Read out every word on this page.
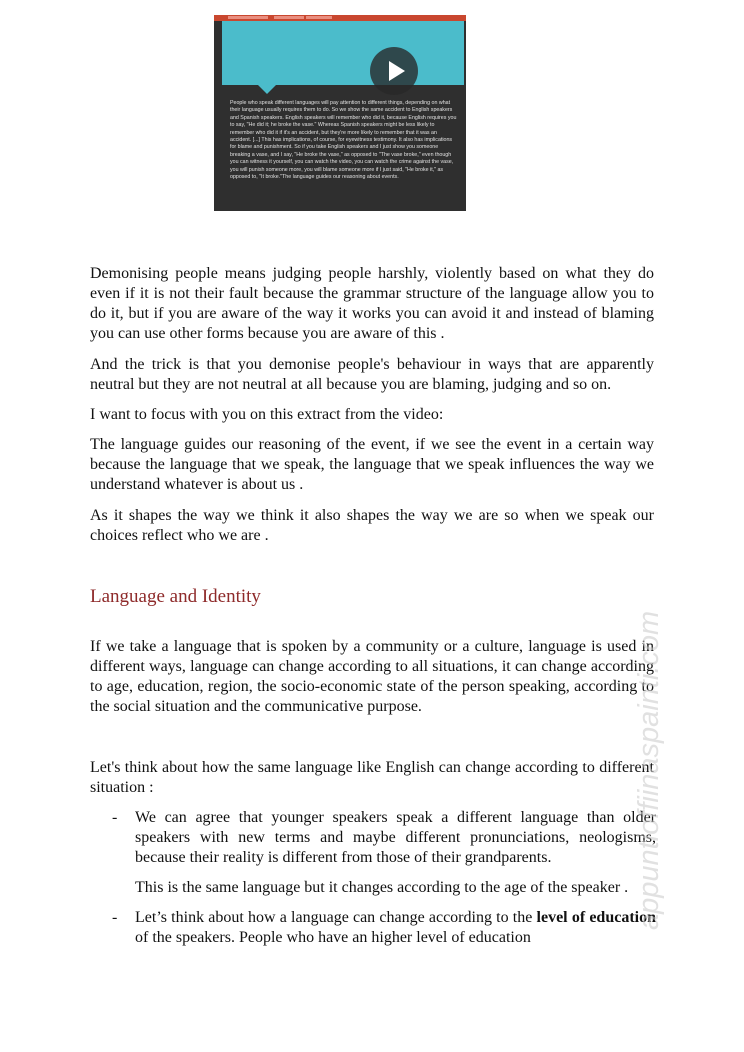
People who speak different languages will pay attention to different things, depending on what their language usually requires them to do. So we show the same accident to English speakers and Spanish speakers. English speakers will remember who did it, because English requires you to say, "He did it; he broke the vase." Whereas Spanish speakers might be less likely to remember who did it if it's an accident, but they're more likely to remember that it was an accident. [...] This has implications, of course, for eyewitness testimony. It also has implications for blame and punishment. So if you take English speakers and I just show you someone breaking a vase, and I say, "He broke the vase," as opposed to "The vase broke," even though you can witness it yourself, you can watch the video, you can watch the crime against the vase, you will punish someone more, you will blame someone more if I just said, "He broke it," as opposed to, "It broke."The language guides our reasoning about events.

Demonising people means judging people harshly, violently based on what they do even if it is not their fault because the grammar structure of the language allow you to do it, but if you are aware of the way it works you can avoid it and instead of blaming you can use other forms because you are aware of this .

And the trick is that you demonise people's behaviour in ways that are apparently neutral but they are not neutral at all because you are blaming, judging and so on.

I want to focus with you on this extract from the video:

The language guides our reasoning of the event, if we see the event in a certain way because the language that we speak, the language that we speak influences the way we understand whatever is about us .

As it shapes the way we think it also shapes the way we are so when we speak our choices reflect who we are .

Language and Identity

If we take a language that is spoken by a community or a culture, language is used in different ways, language can change according to all situations, it can change according to age, education, region, the socio-economic state of the person speaking, according to the social situation and the communicative purpose.

Let's think about how the same language like English can change according to different situation :

- We can agree that younger speakers speak a different language than older speakers with new terms and maybe different pronunciations, neologisms, because their reality is different from those of their grandparents.

This is the same language but it changes according to the age of the speaker .

- Let’s think about how a language can change according to the level of education of the speakers. People who have an higher level of education
appuntioffiinaspainti.com
